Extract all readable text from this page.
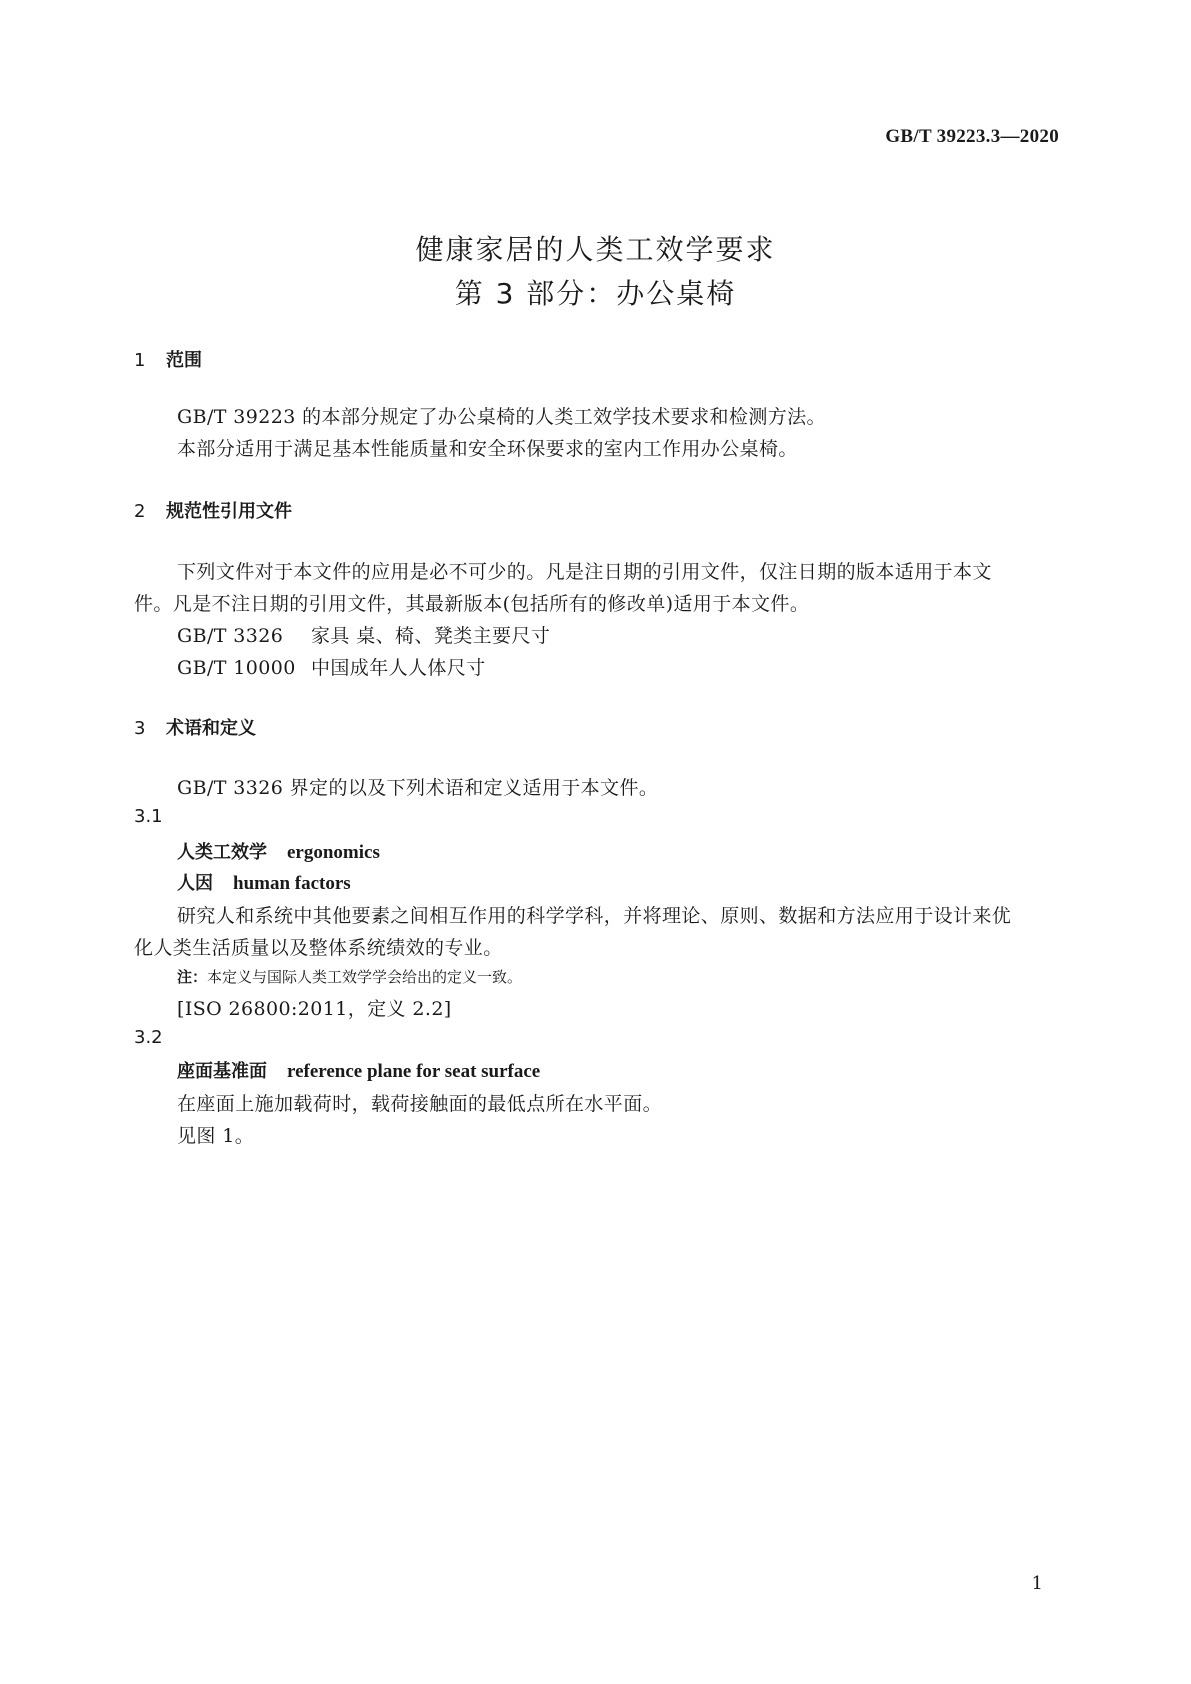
GB/T 39223.3—2020
健康家居的人类工效学要求
第 3 部分：办公桌椅
1 范围
GB/T 39223 的本部分规定了办公桌椅的人类工效学技术要求和检测方法。
本部分适用于满足基本性能质量和安全环保要求的室内工作用办公桌椅。
2 规范性引用文件
下列文件对于本文件的应用是必不可少的。凡是注日期的引用文件，仅注日期的版本适用于本文
件。凡是不注日期的引用文件，其最新版本(包括所有的修改单)适用于本文件。
GB/T 3326 家具 桌、椅、凳类主要尺寸
GB/T 10000 中国成年人人体尺寸
3 术语和定义
GB/T 3326 界定的以及下列术语和定义适用于本文件。
3.1
人类工效学 ergonomics
人因 human factors
研究人和系统中其他要素之间相互作用的科学学科，并将理论、原则、数据和方法应用于设计来优
化人类生活质量以及整体系统绩效的专业。
注：本定义与国际人类工效学学会给出的定义一致。
[ISO 26800:2011，定义 2.2]
3.2
座面基准面 reference plane for seat surface
在座面上施加载荷时，载荷接触面的最低点所在水平面。
见图 1。
1
